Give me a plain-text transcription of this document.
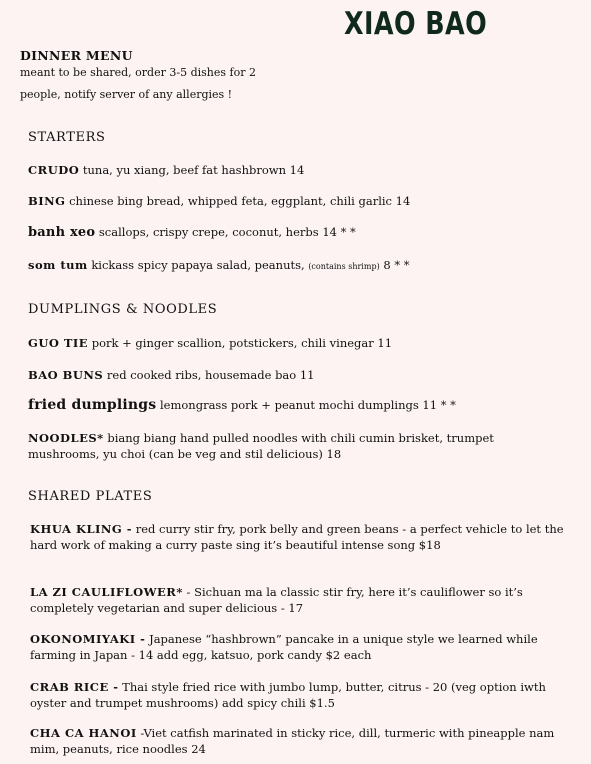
XIAO BAO
DINNER MENU
meant to be shared, order 3-5 dishes for 2
people, notify server of any allergies !
STARTERS
CRUDO tuna, yu xiang, beef fat hashbrown 14
BING chinese bing bread, whipped feta, eggplant, chili garlic 14
banh xeo scallops, crispy crepe, coconut, herbs 14 * *
som tum kickass spicy papaya salad, peanuts, (contains shrimp) 8 * *
DUMPLINGS & NOODLES
GUO TIE pork + ginger scallion, potstickers, chili vinegar 11
BAO BUNS red cooked ribs, housemade bao 11
fried dumplings lemongrass pork + peanut mochi dumplings 11 * *
NOODLES* biang biang hand pulled noodles with chili cumin brisket, trumpet mushrooms, yu choi (can be veg and stil delicious) 18
SHARED PLATES
KHUA KLING - red curry stir fry, pork belly and green beans - a perfect vehicle to let the hard work of making a curry paste sing it’s beautiful intense song $18
LA ZI CAULIFLOWER* - Sichuan ma la classic stir fry, here it’s cauliflower so it’s completely vegetarian and super delicious - 17
OKONOMIYAKI - Japanese “hashbrown” pancake in a unique style we learned while farming in Japan - 14 add egg, katsuo, pork candy $2 each
CRAB RICE - Thai style fried rice with jumbo lump, butter, citrus - 20 (veg option iwth oyster and trumpet mushrooms) add spicy chili $1.5
CHA CA HANOI -Viet catfish marinated in sticky rice, dill, turmeric with pineapple nam mim, peanuts, rice noodles 24
